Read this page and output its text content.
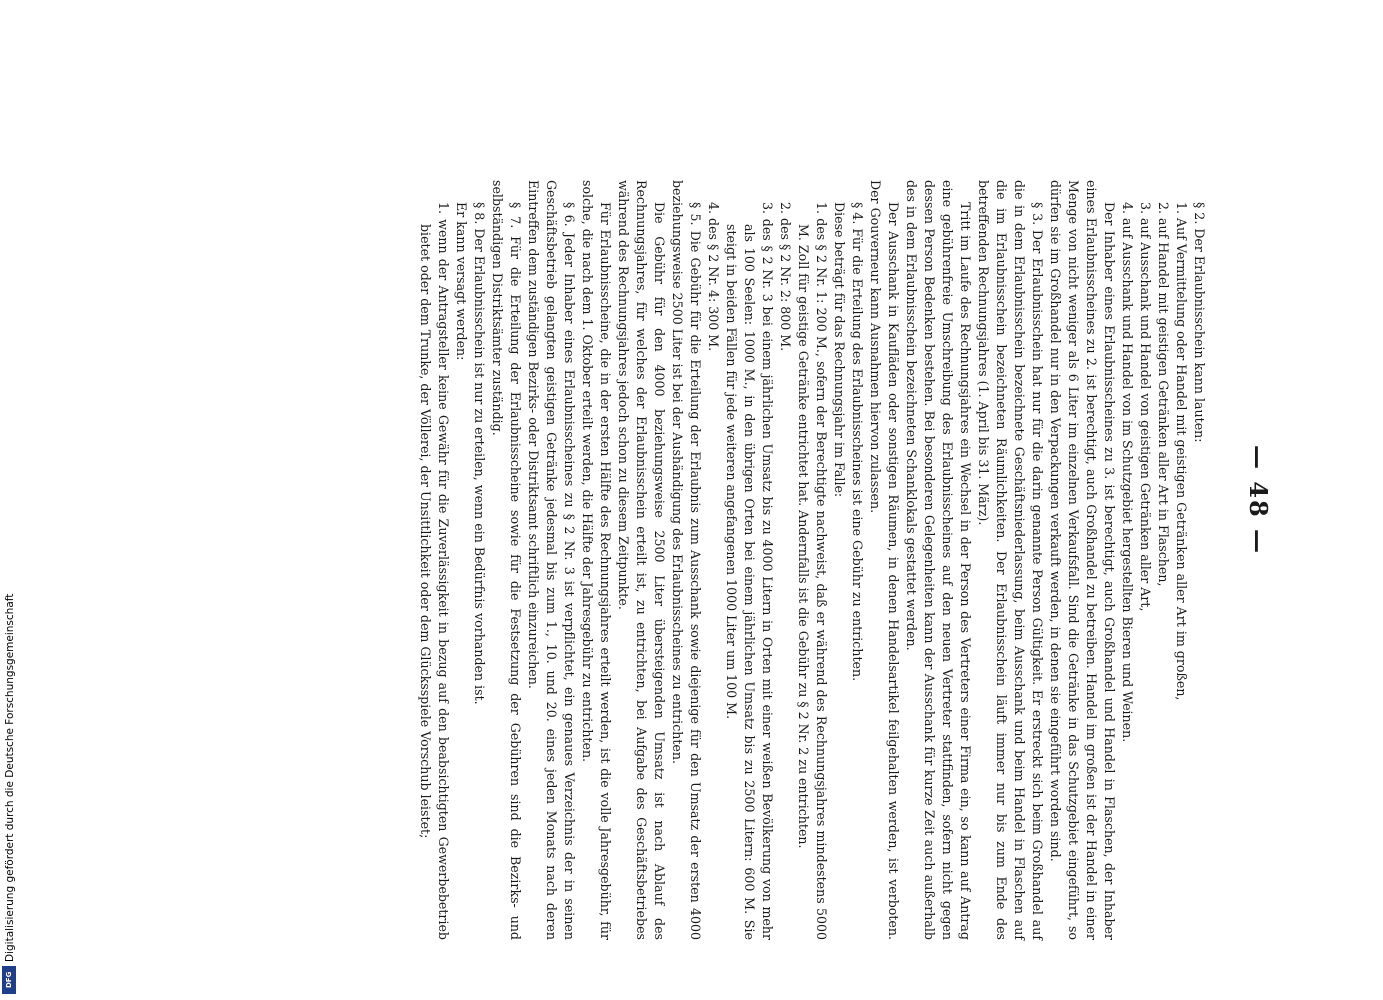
— 48 —

§ 2. Der Erlaubnisschein kann lauten:

1. Auf Vermittelung oder Handel mit geistigen Getränken aller Art im großen,

2. auf Handel mit geistigen Getränken aller Art in Flaschen,

3. auf Ausschank und Handel von geistigen Getränken aller Art,

4. auf Ausschank und Handel von im Schutzgebiet hergestellten Bieren und Weinen.

Der Inhaber eines Erlaubnisscheines zu 3. ist berechtigt, auch Großhandel und Handel in Flaschen, der Inhaber eines Erlaubnisscheines zu 2. ist berechtigt, auch Großhandel zu betreiben. Handel im großen ist der Handel in einer Menge von nicht weniger als 6 Liter im einzelnen Verkaufsfall. Sind die Getränke in das Schutzgebiet eingeführt, so dürfen sie im Großhandel nur in den Verpackungen verkauft werden, in denen sie eingeführt worden sind.

§ 3. Der Erlaubnisschein hat nur für die darin genannte Person Gültigkeit. Er erstreckt sich beim Großhandel auf die in dem Erlaubnisschein bezeichnete Geschäftsniederlassung, beim Ausschank und beim Handel in Flaschen auf die im Erlaubnisschein bezeichneten Räumlichkeiten. Der Erlaubnisschein läuft immer nur bis zum Ende des betreffenden Rechnungsjahres (1. April bis 31. März).

Tritt im Laufe des Rechnungsjahres ein Wechsel in der Person des Vertreters einer Firma ein, so kann auf Antrag eine gebührenfreie Umschreibung des Erlaubnisscheines auf den neuen Vertreter stattfinden, sofern nicht gegen dessen Person Bedenken bestehen. Bei besonderen Gelegenheiten kann der Ausschank für kurze Zeit auch außerhalb des in dem Erlaubnisschein bezeichneten Schanklokals gestattet werden.

Der Ausschank in Kaufläden oder sonstigen Räumen, in denen Handelsartikel feilgehalten werden, ist verboten. Der Gouverneur kann Ausnahmen hiervon zulassen.

§ 4. Für die Erteilung des Erlaubnisscheines ist eine Gebühr zu entrichten.

Diese beträgt für das Rechnungsjahr im Falle:

1. des § 2 Nr. 1: 200 M., sofern der Berechtigte nachweist, daß er während des Rechnungsjahres mindestens 5000 M. Zoll für geistige Getränke entrichtet hat. Andernfalls ist die Gebühr zu § 2 Nr. 2 zu entrichten.

2. des § 2 Nr. 2: 800 M.

3. des § 2 Nr. 3 bei einem jährlichen Umsatz bis zu 4000 Litern in Orten mit einer weißen Bevölkerung von mehr als 100 Seelen: 1000 M., in den übrigen Orten bei einem jährlichen Umsatz bis zu 2500 Litern: 600 M. Sie steigt in beiden Fällen für jede weiteren angefangenen 1000 Liter um 100 M.

4. des § 2 Nr. 4: 300 M.

§ 5. Die Gebühr für die Erteilung der Erlaubnis zum Ausschank sowie diejenige für den Umsatz der ersten 4000 beziehungsweise 2500 Liter ist bei der Aushändigung des Erlaubnisscheines zu entrichten.

Die Gebühr für den 4000 beziehungsweise 2500 Liter übersteigenden Umsatz ist nach Ablauf des Rechnungsjahres, für welches der Erlaubnisschein erteilt ist, zu entrichten, bei Aufgabe des Geschäftsbetriebes während des Rechnungsjahres jedoch schon zu diesem Zeitpunkte.

Für Erlaubnisscheine, die in der ersten Hälfte des Rechnungsjahres erteilt werden, ist die volle Jahresgebühr, für solche, die nach dem 1. Oktober erteilt werden, die Hälfte der Jahresgebühr zu entrichten.

§ 6. Jeder Inhaber eines Erlaubnisscheines zu § 2 Nr. 3 ist verpflichtet, ein genaues Verzeichnis der in seinen Geschäftsbetrieb gelangten geistigen Getränke jedesmal bis zum 1., 10. und 20. eines jeden Monats nach deren Eintreffen dem zuständigen Bezirks- oder Distriktsamt schriftlich einzureichen.

§ 7. Für die Erteilung der Erlaubnisscheine sowie für die Festsetzung der Gebühren sind die Bezirks- und selbständigen Distriktsämter zuständig.

§ 8. Der Erlaubnisschein ist nur zu erteilen, wenn ein Bedürfnis vorhanden ist.

Er kann versagt werden:

1. wenn der Antragsteller keine Gewähr für die Zuverlässigkeit in bezug auf den beabsichtigten Gewerbebetrieb bietet oder dem Trunke, der Völlerei, der Unsittlichkeit oder dem Glücksspiele Vorschub leistet;

Digitalisierung gefördert durch die Deutsche Forschungsgemeinschaft
DFG
